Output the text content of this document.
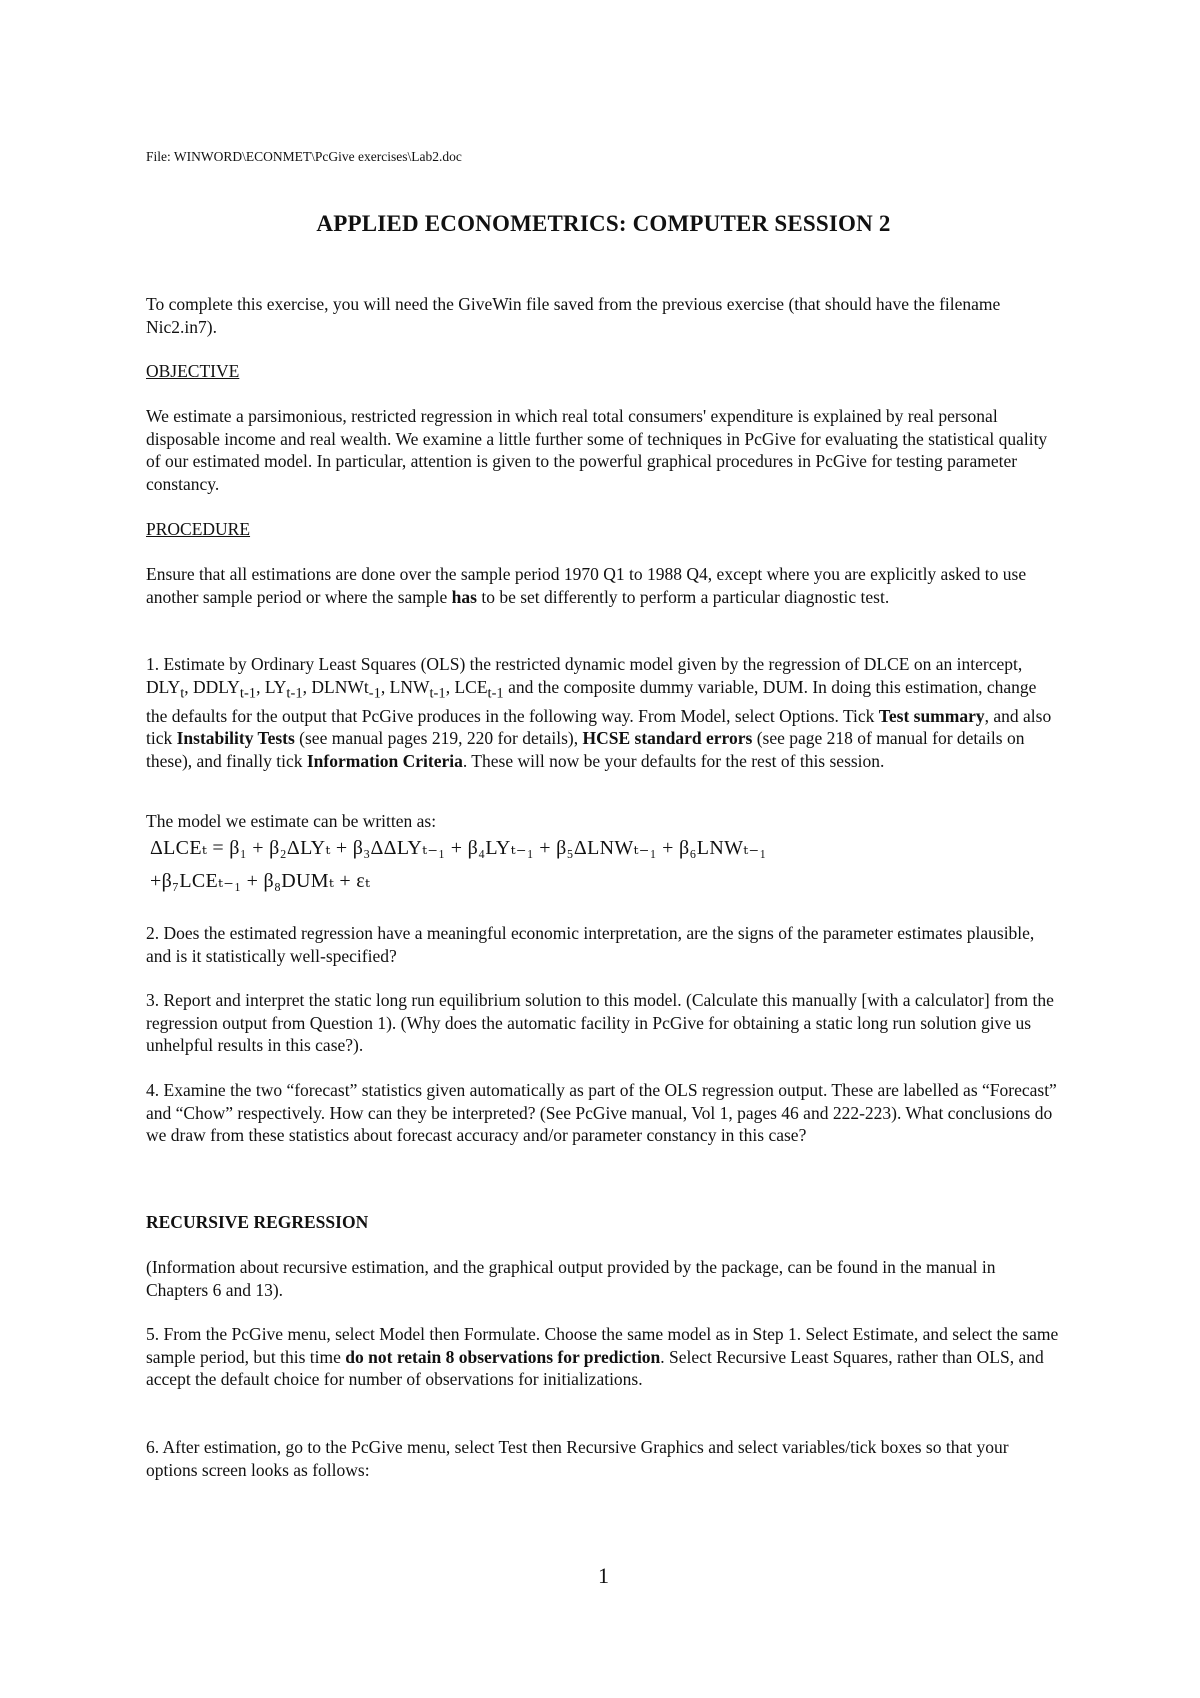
File: WINWORD\ECONMET\PcGive exercises\Lab2.doc
APPLIED ECONOMETRICS: COMPUTER SESSION 2

To complete this exercise, you will need the GiveWin file saved from the previous exercise (that should have the filename Nic2.in7).

OBJECTIVE

We estimate a parsimonious, restricted regression in which real total consumers' expenditure is explained by real personal disposable income and real wealth. We examine a little further some of techniques in PcGive for evaluating the statistical quality of our estimated model. In particular, attention is given to the powerful graphical procedures in PcGive for testing parameter constancy.

PROCEDURE

Ensure that all estimations are done over the sample period 1970 Q1 to 1988 Q4, except where you are explicitly asked to use another sample period or where the sample has to be set differently to perform a particular diagnostic test.

1. Estimate by Ordinary Least Squares (OLS) the restricted dynamic model given by the regression of DLCE on an intercept, $DLY_t$, $DDLY_{t-1}$, $LY_{t-1}$, DLNWt$_{-1}$, $LNW_{t-1}$, $LCE_{t-1}$ and the composite dummy variable, DUM. In doing this estimation, change the defaults for the output that PcGive produces in the following way. From Model, select Options. Tick Test summary, and also tick Instability Tests (see manual pages 219, 220 for details), HCSE standard errors (see page 218 of manual for details on these), and finally tick Information Criteria. These will now be your defaults for the rest of this session.

The model we estimate can be written as:

ΔLCEₜ = β₁ + β₂ΔLYₜ + β₃ΔΔLYₜ₋₁ + β₄LYₜ₋₁ + β₅ΔLNWₜ₋₁ + β₆LNWₜ₋₁
+β₇LCEₜ₋₁ + β₈DUMₜ + εₜ

2. Does the estimated regression have a meaningful economic interpretation, are the signs of the parameter estimates plausible, and is it statistically well-specified?

3. Report and interpret the static long run equilibrium solution to this model. (Calculate this manually [with a calculator] from the regression output from Question 1). (Why does the automatic facility in PcGive for obtaining a static long run solution give us unhelpful results in this case?).

4. Examine the two “forecast” statistics given automatically as part of the OLS regression output. These are labelled as “Forecast” and “Chow” respectively. How can they be interpreted? (See PcGive manual, Vol 1, pages 46 and 222-223). What conclusions do we draw from these statistics about forecast accuracy and/or parameter constancy in this case?

RECURSIVE REGRESSION

(Information about recursive estimation, and the graphical output provided by the package, can be found in the manual in Chapters 6 and 13).

5. From the PcGive menu, select Model then Formulate. Choose the same model as in Step 1. Select Estimate, and select the same sample period, but this time do not retain 8 observations for prediction. Select Recursive Least Squares, rather than OLS, and accept the default choice for number of observations for initializations.

6. After estimation, go to the PcGive menu, select Test then Recursive Graphics and select variables/tick boxes so that your options screen looks as follows:

1
